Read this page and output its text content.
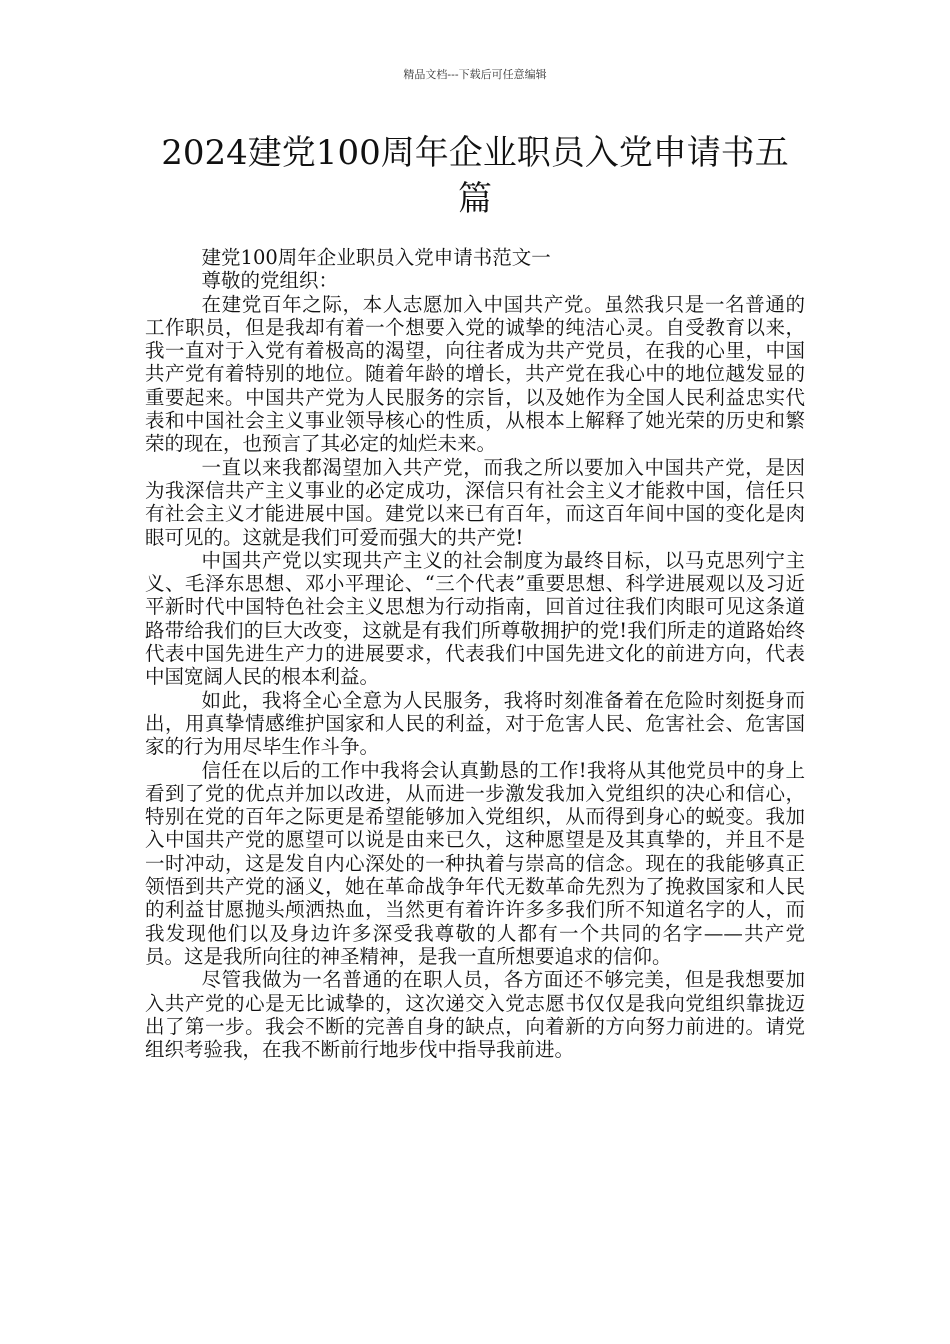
精品文档---下载后可任意编辑
2024建党100周年企业职员入党申请书五篇

建党100周年企业职员入党申请书范文一

尊敬的党组织：

在建党百年之际，本人志愿加入中国共产党。虽然我只是一名普通的工作职员，但是我却有着一个想要入党的诚挚的纯洁心灵。自受教育以来，我一直对于入党有着极高的渴望，向往者成为共产党员，在我的心里，中国共产党有着特别的地位。随着年龄的增长，共产党在我心中的地位越发显的重要起来。中国共产党为人民服务的宗旨，以及她作为全国人民利益忠实代表和中国社会主义事业领导核心的性质，从根本上解释了她光荣的历史和繁荣的现在，也预言了其必定的灿烂未来。

一直以来我都渴望加入共产党，而我之所以要加入中国共产党，是因为我深信共产主义事业的必定成功，深信只有社会主义才能救中国，信任只有社会主义才能进展中国。建党以来已有百年，而这百年间中国的变化是肉眼可见的。这就是我们可爱而强大的共产党!

中国共产党以实现共产主义的社会制度为最终目标，以马克思列宁主义、毛泽东思想、邓小平理论、“三个代表”重要思想、科学进展观以及习近平新时代中国特色社会主义思想为行动指南，回首过往我们肉眼可见这条道路带给我们的巨大改变，这就是有我们所尊敬拥护的党!我们所走的道路始终代表中国先进生产力的进展要求，代表我们中国先进文化的前进方向，代表中国宽阔人民的根本利益。

如此，我将全心全意为人民服务，我将时刻准备着在危险时刻挺身而出，用真挚情感维护国家和人民的利益，对于危害人民、危害社会、危害国家的行为用尽毕生作斗争。

信任在以后的工作中我将会认真勤恳的工作!我将从其他党员中的身上看到了党的优点并加以改进，从而进一步激发我加入党组织的决心和信心，特别在党的百年之际更是希望能够加入党组织，从而得到身心的蜕变。我加入中国共产党的愿望可以说是由来已久，这种愿望是及其真挚的，并且不是一时冲动，这是发自内心深处的一种执着与崇高的信念。现在的我能够真正领悟到共产党的涵义，她在革命战争年代无数革命先烈为了挽救国家和人民的利益甘愿抛头颅洒热血，当然更有着许许多多我们所不知道名字的人，而我发现他们以及身边许多深受我尊敬的人都有一个共同的名字——共产党员。这是我所向往的神圣精神，是我一直所想要追求的信仰。

尽管我做为一名普通的在职人员，各方面还不够完美，但是我想要加入共产党的心是无比诚挚的，这次递交入党志愿书仅仅是我向党组织靠拢迈出了第一步。我会不断的完善自身的缺点，向着新的方向努力前进的。请党组织考验我，在我不断前行地步伐中指导我前进。
